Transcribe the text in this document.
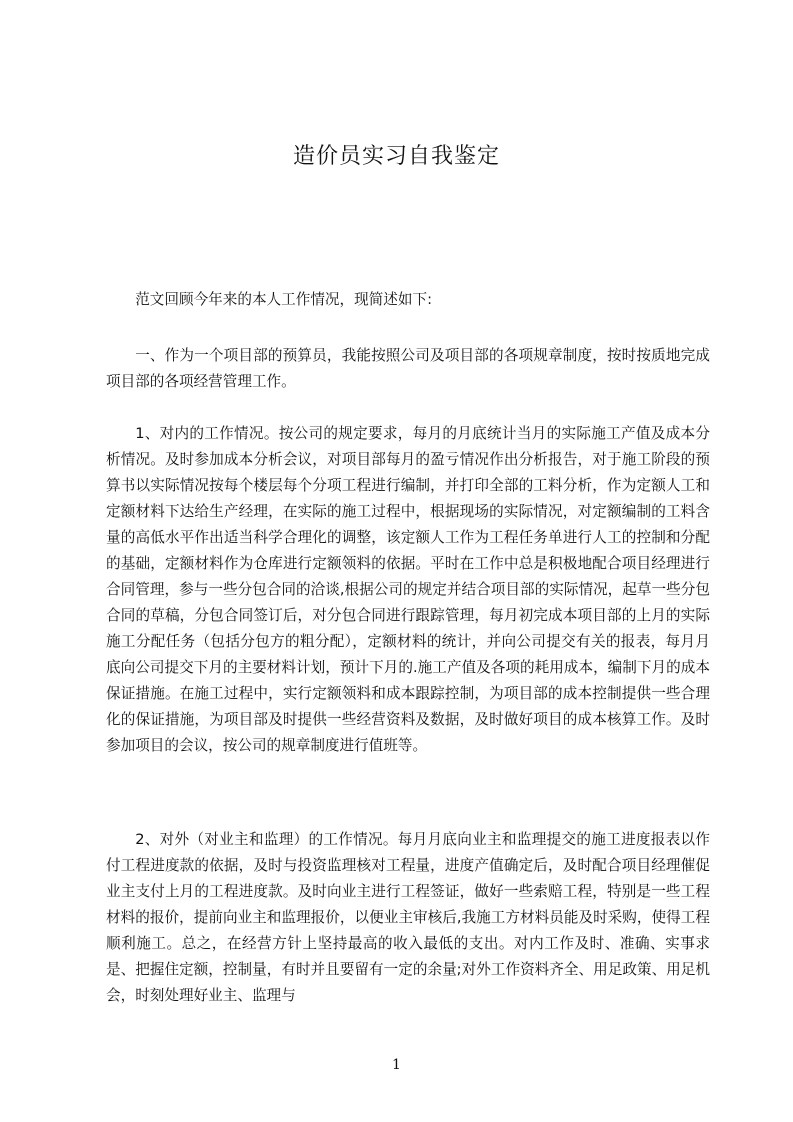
造价员实习自我鉴定

范文回顾今年来的本人工作情况，现简述如下:

一、作为一个项目部的预算员，我能按照公司及项目部的各项规章制度，按时按质地完成项目部的各项经营管理工作。

1、对内的工作情况。按公司的规定要求，每月的月底统计当月的实际施工产值及成本分析情况。及时参加成本分析会议，对项目部每月的盈亏情况作出分析报告，对于施工阶段的预算书以实际情况按每个楼层每个分项工程进行编制，并打印全部的工料分析，作为定额人工和定额材料下达给生产经理，在实际的施工过程中，根据现场的实际情况，对定额编制的工料含量的高低水平作出适当科学合理化的调整，该定额人工作为工程任务单进行人工的控制和分配的基础，定额材料作为仓库进行定额领料的依据。平时在工作中总是积极地配合项目经理进行合同管理，参与一些分包合同的洽谈,根据公司的规定并结合项目部的实际情况，起草一些分包合同的草稿，分包合同签订后，对分包合同进行跟踪管理，每月初完成本项目部的上月的实际施工分配任务（包括分包方的粗分配），定额材料的统计，并向公司提交有关的报表，每月月底向公司提交下月的主要材料计划，预计下月的.施工产值及各项的耗用成本，编制下月的成本保证措施。在施工过程中，实行定额领料和成本跟踪控制，为项目部的成本控制提供一些合理化的保证措施，为项目部及时提供一些经营资料及数据，及时做好项目的成本核算工作。及时参加项目的会议，按公司的规章制度进行值班等。

2、对外（对业主和监理）的工作情况。每月月底向业主和监理提交的施工进度报表以作付工程进度款的依据，及时与投资监理核对工程量，进度产值确定后，及时配合项目经理催促业主支付上月的工程进度款。及时向业主进行工程签证，做好一些索赔工程，特别是一些工程材料的报价，提前向业主和监理报价，以便业主审核后,我施工方材料员能及时采购，使得工程顺利施工。总之，在经营方针上坚持最高的收入最低的支出。对内工作及时、准确、实事求是、把握住定额，控制量，有时并且要留有一定的余量;对外工作资料齐全、用足政策、用足机会，时刻处理好业主、监理与

1
